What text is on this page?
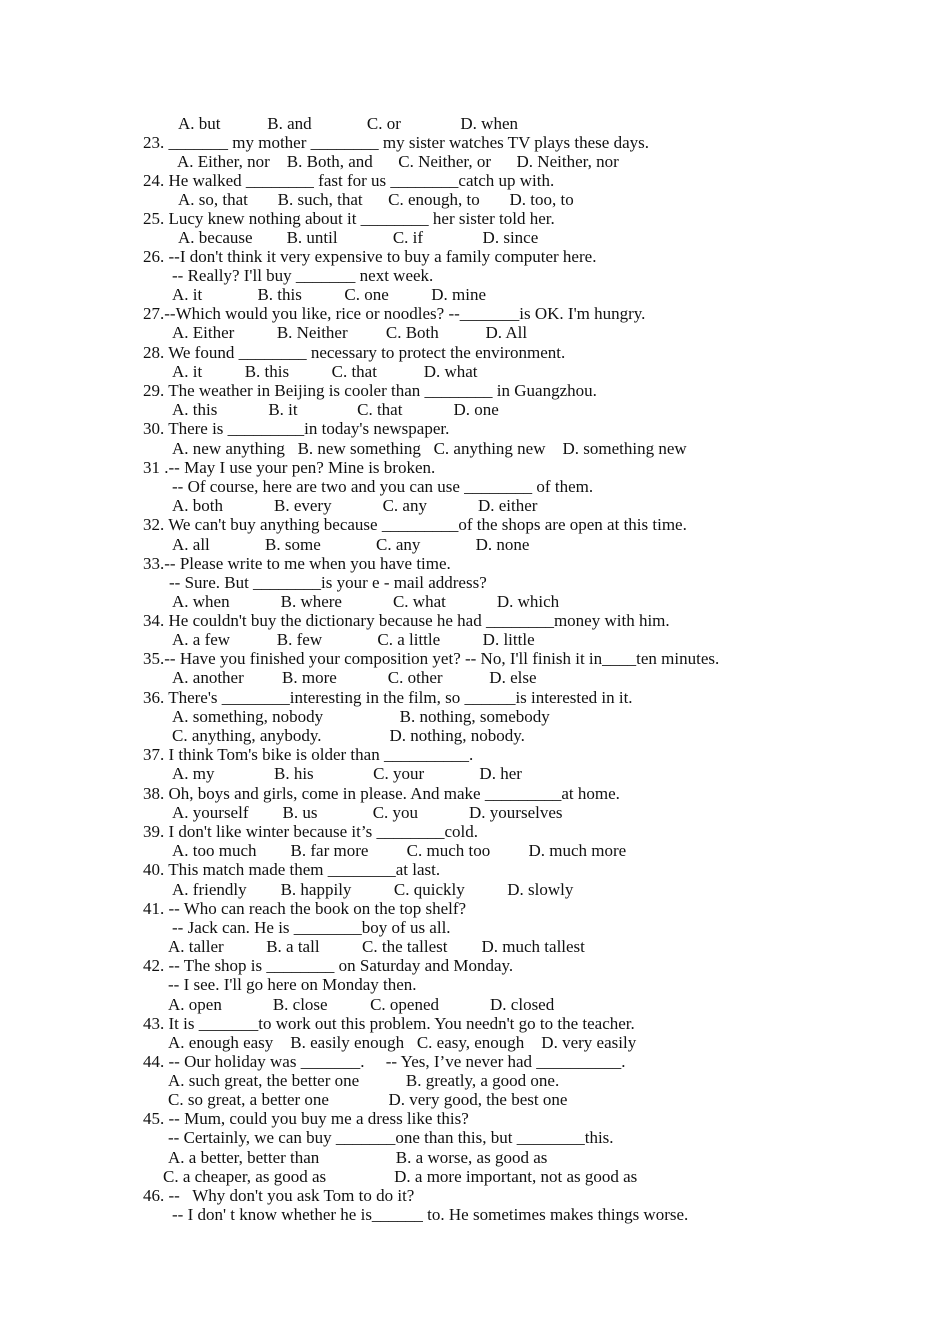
A. but           B. and             C. or              D. when
23. _______ my mother ________ my sister watches TV plays these days.
A. Either, nor    B. Both, and      C. Neither, or      D. Neither, nor
24. He walked ________ fast for us ________catch up with.
A. so, that       B. such, that      C. enough, to       D. too, to
25. Lucy knew nothing about it ________ her sister told her.
A. because        B. until             C. if              D. since
26. --I don't think it very expensive to buy a family computer here.
-- Really? I'll buy _______ next week.
A. it             B. this          C. one          D. mine
27.--Which would you like, rice or noodles? --_______is OK. I'm hungry.
A. Either          B. Neither         C. Both           D. All
28. We found ________ necessary to protect the environment.
A. it          B. this          C. that           D. what
29. The weather in Beijing is cooler than ________ in Guangzhou.
A. this            B. it              C. that            D. one
30. There is _________in today's newspaper.
A. new anything   B. new something   C. anything new    D. something new
31 .-- May I use your pen? Mine is broken.
-- Of course, here are two and you can use ________ of them.
A. both            B. every            C. any            D. either
32. We can't buy anything because _________of the shops are open at this time.
A. all             B. some             C. any             D. none
33.-- Please write to me when you have time.
-- Sure. But ________is your e - mail address?
A. when            B. where            C. what            D. which
34. He couldn't buy the dictionary because he had ________money with him.
A. a few           B. few             C. a little          D. little
35.-- Have you finished your composition yet? -- No, I'll finish it in____ten minutes.
A. another         B. more            C. other           D. else
36. There's ________interesting in the film, so ______is interested in it.
A. something, nobody                  B. nothing, somebody
C. anything, anybody.                D. nothing, nobody.
37. I think Tom's bike is older than __________.
A. my              B. his              C. your             D. her
38. Oh, boys and girls, come in please. And make _________at home.
A. yourself        B. us             C. you            D. yourselves
39. I don't like winter because it’s ________cold.
A. too much        B. far more         C. much too         D. much more
40. This match made them ________at last.
A. friendly        B. happily          C. quickly          D. slowly
41. -- Who can reach the book on the top shelf?
-- Jack can. He is ________boy of us all.
A. taller          B. a tall          C. the tallest        D. much tallest
42. -- The shop is ________ on Saturday and Monday.
-- I see. I'll go here on Monday then.
A. open            B. close          C. opened            D. closed
43. It is _______to work out this problem. You needn't go to the teacher.
A. enough easy    B. easily enough   C. easy, enough    D. very easily
44. -- Our holiday was _______.     -- Yes, I’ve never had __________.
A. such great, the better one           B. greatly, a good one.
C. so great, a better one              D. very good, the best one
45. -- Mum, could you buy me a dress like this?
-- Certainly, we can buy _______one than this, but ________this.
A. a better, better than                  B. a worse, as good as
C. a cheaper, as good as                D. a more important, not as good as
46. --   Why don't you ask Tom to do it?
-- I don' t know whether he is______ to. He sometimes makes things worse.
